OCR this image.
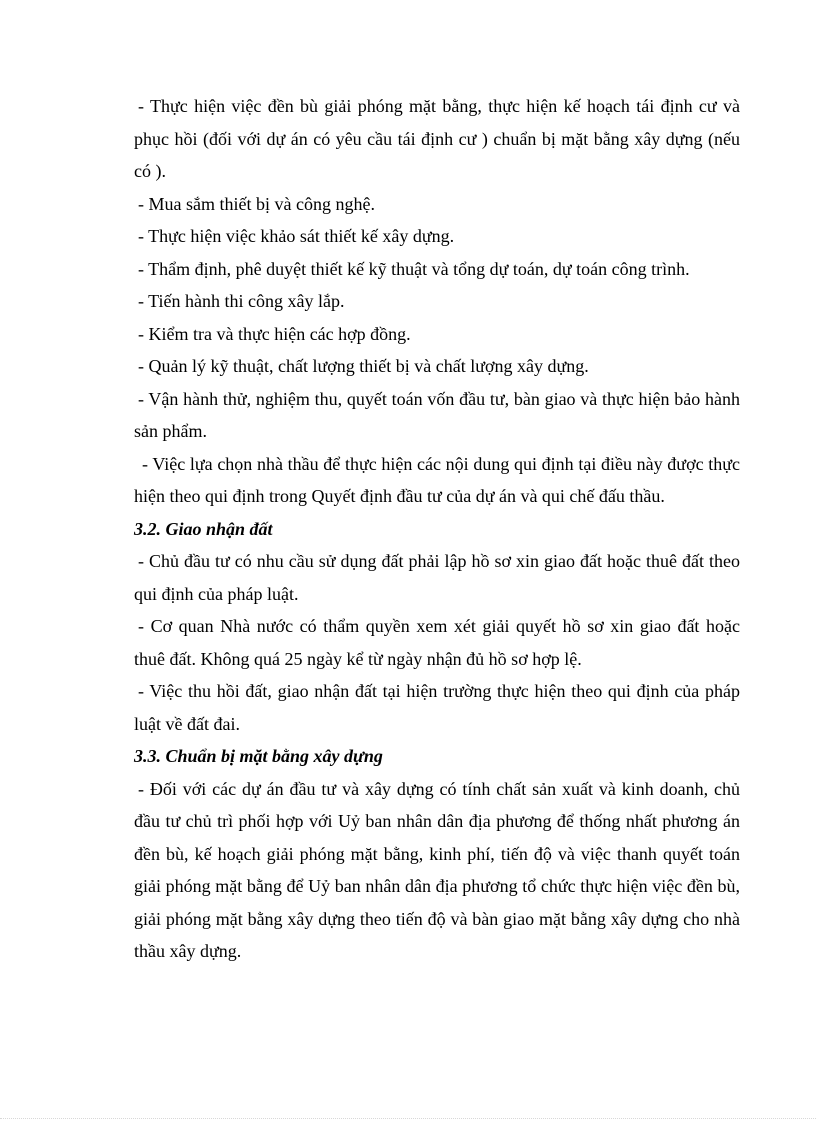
- Thực hiện việc đền bù giải phóng mặt bằng, thực hiện kế hoạch tái định cư và phục hồi (đối với dự án có yêu cầu tái định cư ) chuẩn bị mặt bằng xây dựng (nếu có ).

- Mua sắm thiết bị và công nghệ.

- Thực hiện việc khảo sát thiết kế xây dựng.

- Thẩm định, phê duyệt thiết kế kỹ thuật và tổng dự toán, dự toán công trình.

- Tiến hành thi công xây lắp.

- Kiểm tra và thực hiện các hợp đồng.

- Quản lý kỹ thuật, chất lượng thiết bị và chất lượng xây dựng.

- Vận hành thử, nghiệm thu, quyết toán vốn đầu tư, bàn giao và thực hiện bảo hành sản phẩm.

- Việc lựa chọn nhà thầu để thực hiện các nội dung qui định tại điều này được thực hiện theo qui định trong Quyết định đầu tư của dự án và qui chế đấu thầu.

3.2. Giao nhận đất

- Chủ đầu tư có nhu cầu sử dụng đất phải lập hồ sơ xin giao đất hoặc thuê đất theo qui định của pháp luật.

- Cơ quan Nhà nước có thẩm quyền xem xét giải quyết hồ sơ xin giao đất hoặc thuê đất. Không quá 25 ngày kể từ ngày nhận đủ hồ sơ hợp lệ.

- Việc thu hồi đất, giao nhận đất tại hiện trường thực hiện theo qui định của pháp luật về đất đai.

3.3. Chuẩn bị mặt bằng xây dựng

- Đối với các dự án đầu tư và xây dựng có tính chất sản xuất và kinh doanh, chủ đầu tư chủ trì phối hợp với Uỷ ban nhân dân địa phương để thống nhất phương án đền bù, kế hoạch giải phóng mặt bằng, kinh phí, tiến độ và việc thanh quyết toán giải phóng mặt bằng để Uỷ ban nhân dân địa phương tổ chức thực hiện việc đền bù, giải phóng mặt bằng xây dựng theo tiến độ và bàn giao mặt bằng xây dựng cho nhà thầu xây dựng.
